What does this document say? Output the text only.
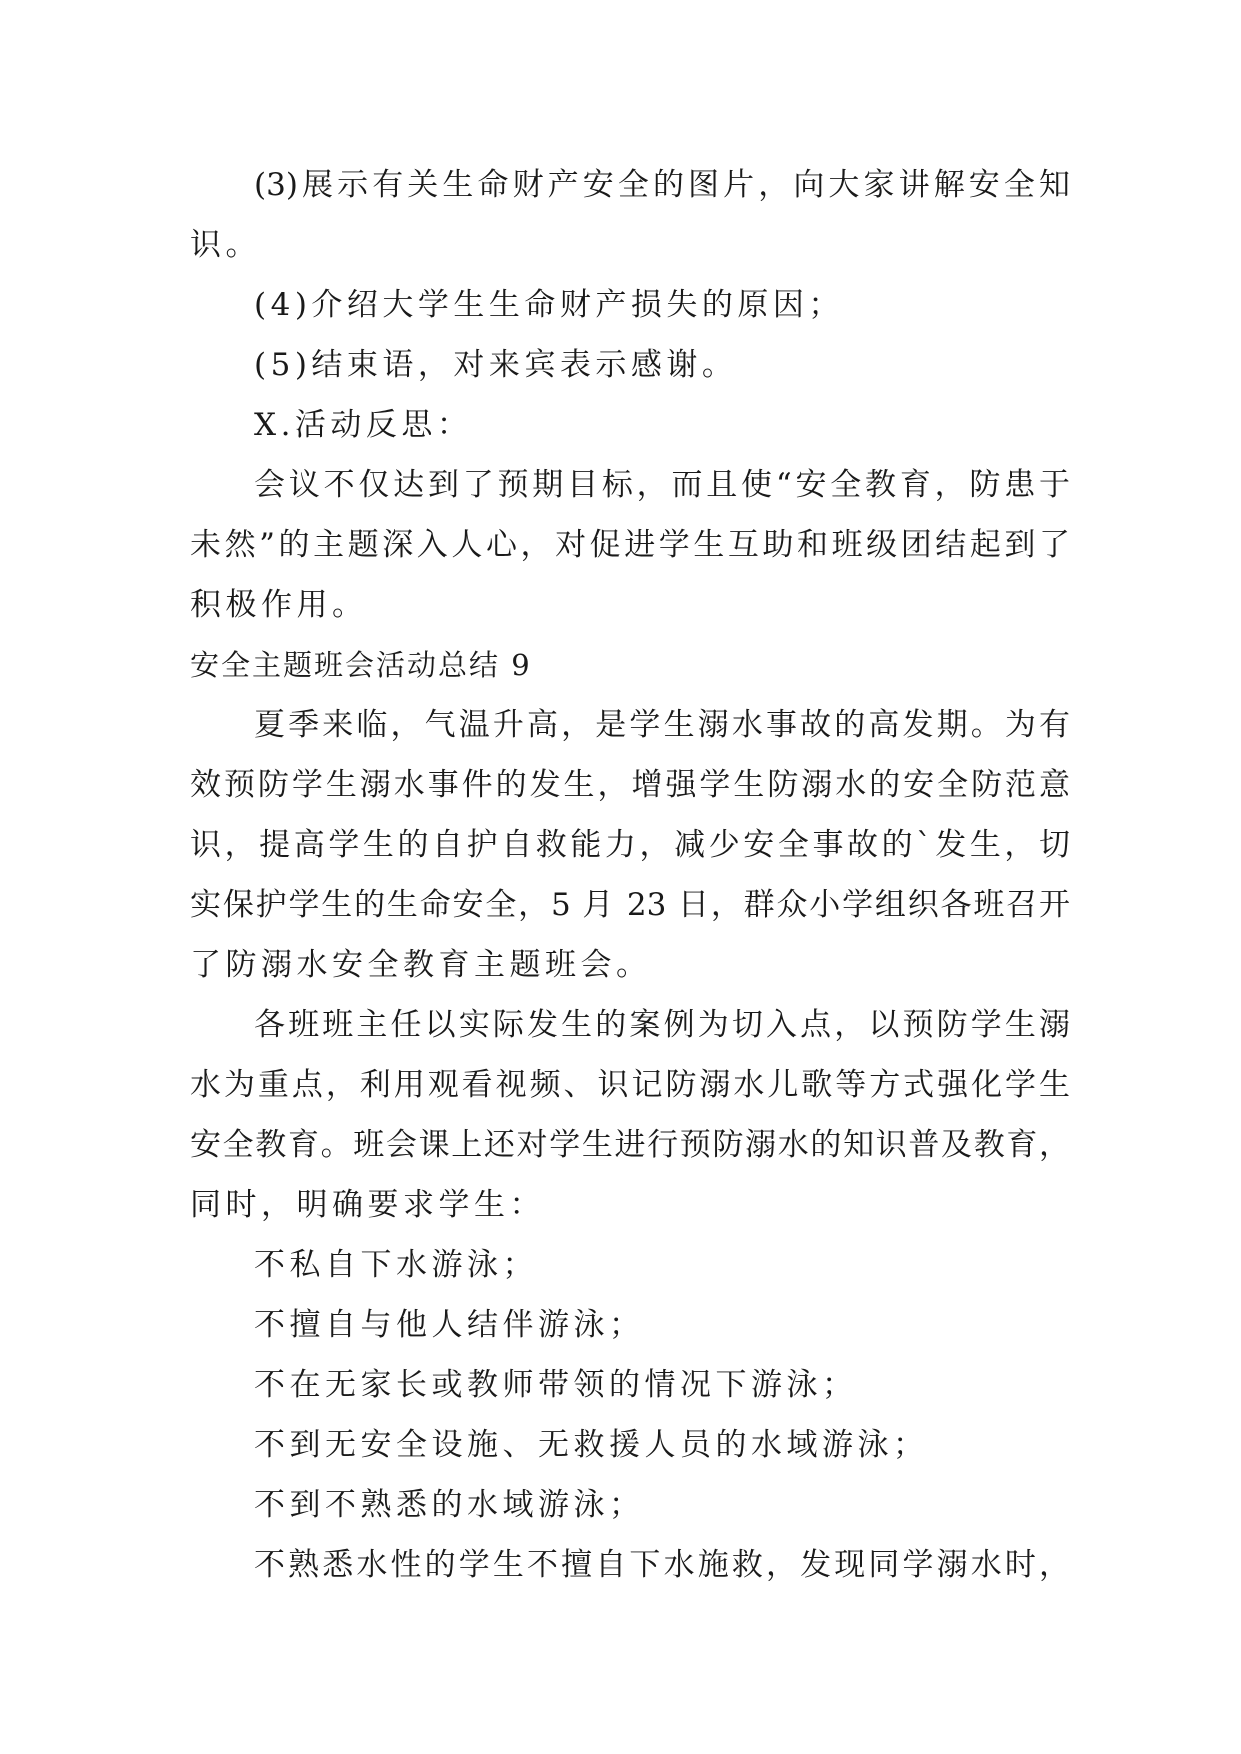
(3)展示有关生命财产安全的图片，向大家讲解安全知
识。
(4)介绍大学生生命财产损失的原因；
(5)结束语，对来宾表示感谢。
X.活动反思：
会议不仅达到了预期目标，而且使“安全教育，防患于
未然”的主题深入人心，对促进学生互助和班级团结起到了
积极作用。
安全主题班会活动总结 9
夏季来临，气温升高，是学生溺水事故的高发期。为有
效预防学生溺水事件的发生，增强学生防溺水的安全防范意
识，提高学生的自护自救能力，减少安全事故的`发生，切
实保护学生的生命安全，5 月 23 日，群众小学组织各班召开
了防溺水安全教育主题班会。
各班班主任以实际发生的案例为切入点，以预防学生溺
水为重点，利用观看视频、识记防溺水儿歌等方式强化学生
安全教育。班会课上还对学生进行预防溺水的知识普及教育，
同时，明确要求学生：
不私自下水游泳；
不擅自与他人结伴游泳；
不在无家长或教师带领的情况下游泳；
不到无安全设施、无救援人员的水域游泳；
不到不熟悉的水域游泳；
不熟悉水性的学生不擅自下水施救，发现同学溺水时，
